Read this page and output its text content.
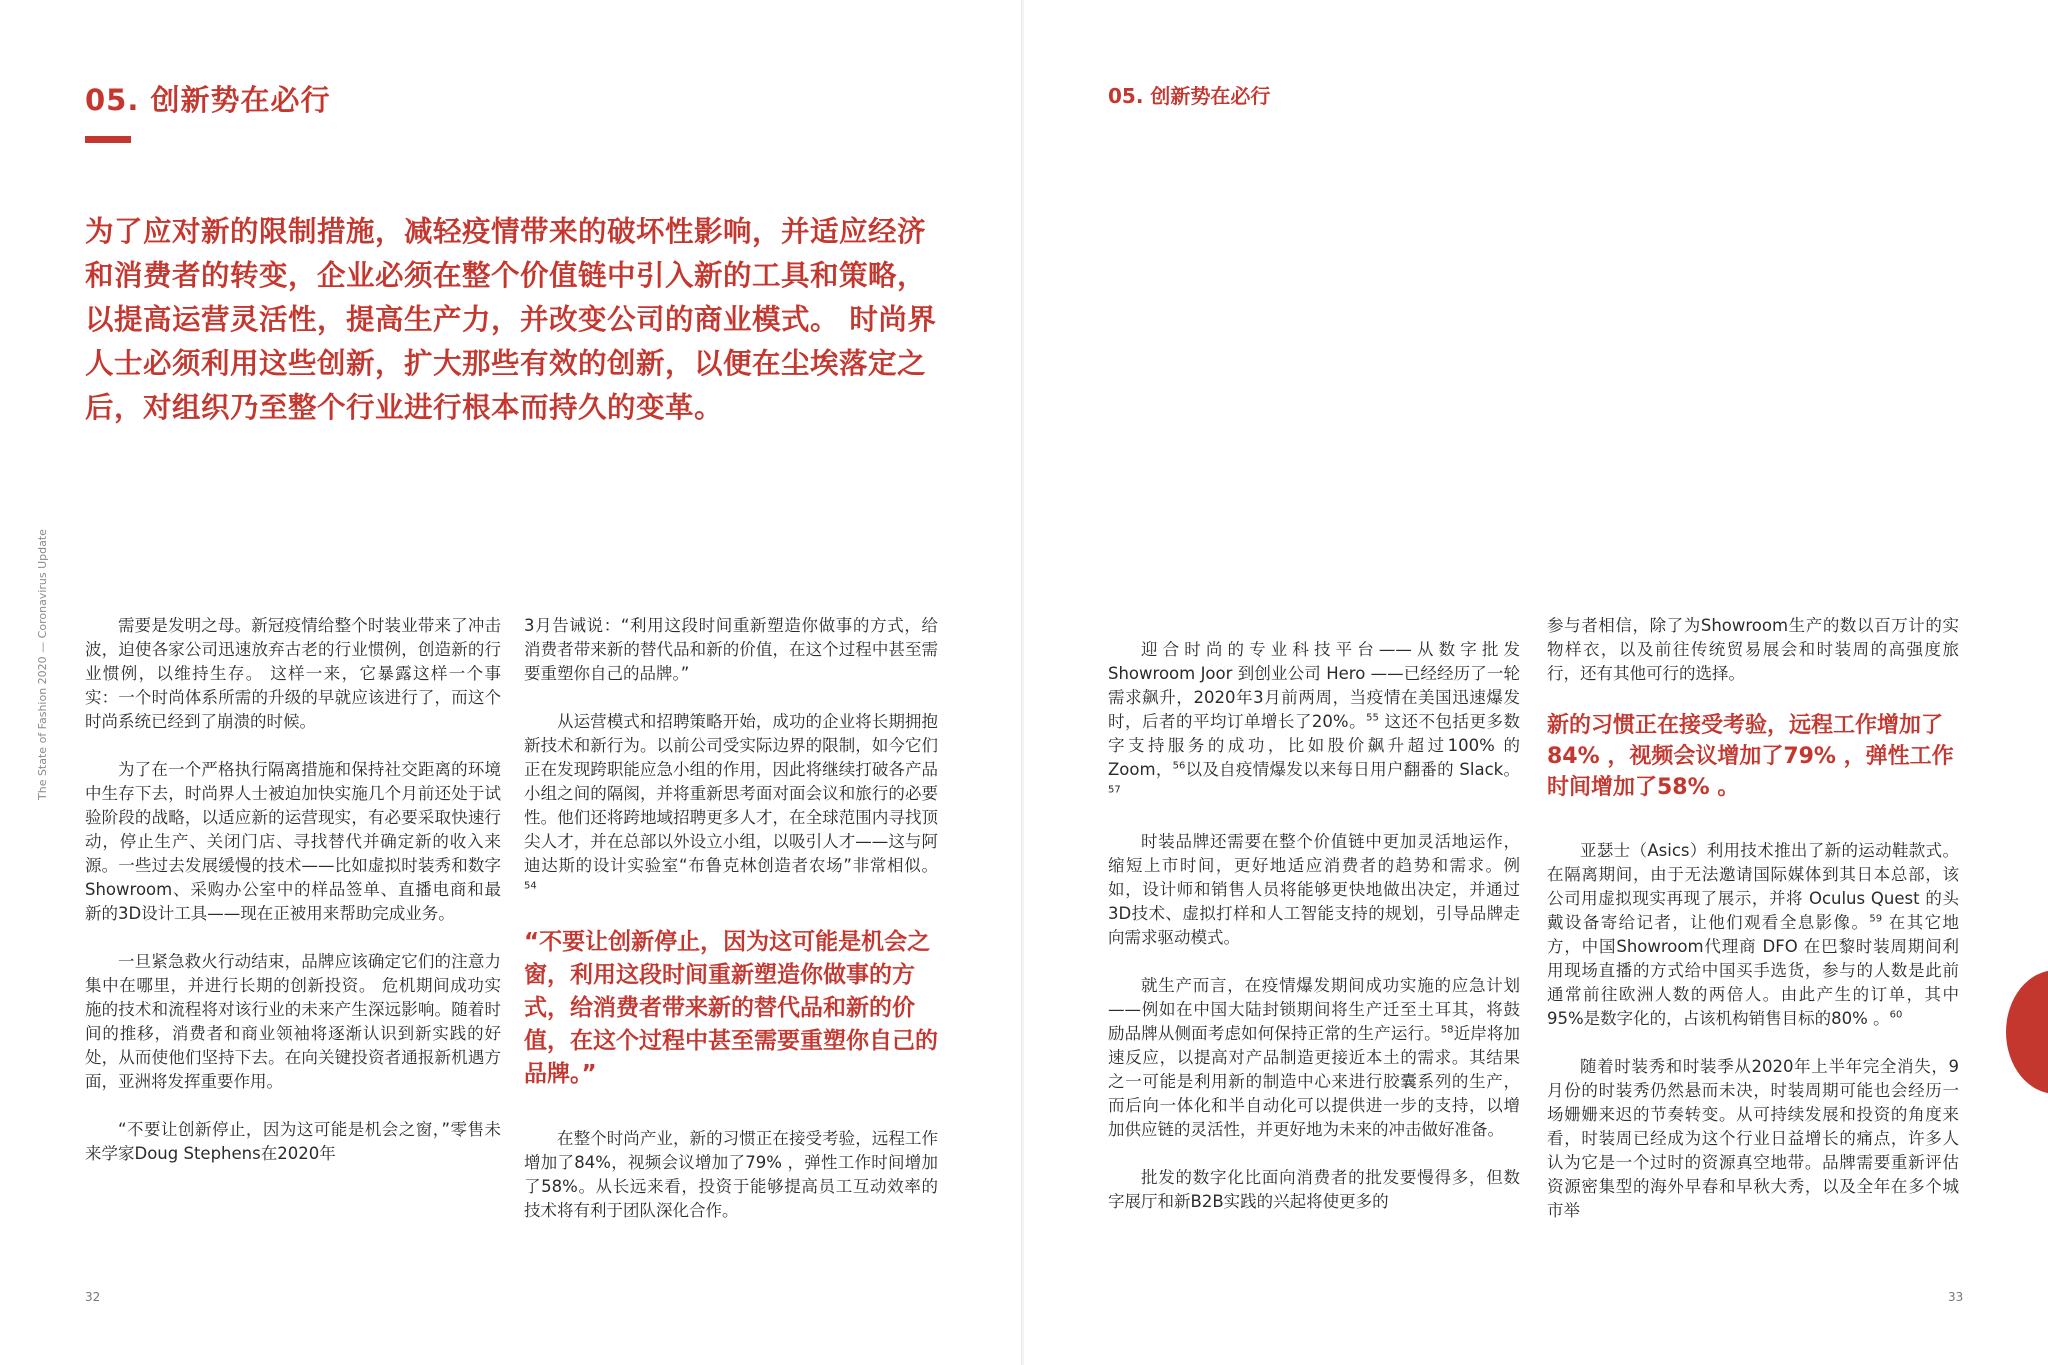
05. 创新势在必行

为了应对新的限制措施，减轻疫情带来的破坏性影响，并适应经济和消费者的转变，企业必须在整个价值链中引入新的工具和策略，以提高运营灵活性，提高生产力，并改变公司的商业模式。 时尚界人士必须利用这些创新，扩大那些有效的创新，以便在尘埃落定之后，对组织乃至整个行业进行根本而持久的变革。

The State of Fashion 2020 — Coronavirus Update	需要是发明之母。新冠疫情给整个时装业带来了冲击波，迫使各家公司迅速放弃古老的行业惯例，创造新的行业惯例，以维持生存。 这样一来，它暴露这样一个事实：一个时尚体系所需的升级的早就应该进行了，而这个时尚系统已经到了崩溃的时候。

为了在一个严格执行隔离措施和保持社交距离的环境中生存下去，时尚界人士被迫加快实施几个月前还处于试验阶段的战略，以适应新的运营现实，有必要采取快速行动，停止生产、关闭门店、寻找替代并确定新的收入来源。一些过去发展缓慢的技术——比如虚拟时装秀和数字Showroom、采购办公室中的样品签单、直播电商和最新的3D设计工具——现在正被用来帮助完成业务。

一旦紧急救火行动结束，品牌应该确定它们的注意力集中在哪里，并进行长期的创新投资。 危机期间成功实施的技术和流程将对该行业的未来产生深远影响。随着时间的推移，消费者和商业领袖将逐渐认识到新实践的好处，从而使他们坚持下去。在向关键投资者通报新机遇方面，亚洲将发挥重要作用。

“不要让创新停止，因为这可能是机会之窗，”零售未来学家Doug Stephens在2020年

3月告诫说：“利用这段时间重新塑造你做事的方式，给消费者带来新的替代品和新的价值，在这个过程中甚至需要重塑你自己的品牌。”

从运营模式和招聘策略开始，成功的企业将长期拥抱新技术和新行为。以前公司受实际边界的限制，如今它们正在发现跨职能应急小组的作用，因此将继续打破各产品小组之间的隔阂，并将重新思考面对面会议和旅行的必要性。他们还将跨地域招聘更多人才，在全球范围内寻找顶尖人才，并在总部以外设立小组，以吸引人才——这与阿迪达斯的设计实验室“布鲁克林创造者农场”非常相似。 $^{54}$

“不要让创新停止，因为这可能是机会之窗，利用这段时间重新塑造你做事的方式，给消费者带来新的替代品和新的价值，在这个过程中甚至需要重塑你自己的品牌。”

在整个时尚产业，新的习惯正在接受考验，远程工作增加了84%，视频会议增加了79% ，弹性工作时间增加了58%。从长远来看，投资于能够提高员工互动效率的技术将有利于团队深化合作。

32
05. 创新势在必行

迎合时尚的专业科技平台——从数字批发Showroom Joor 到创业公司 Hero ——已经经历了一轮需求飙升，2020年3月前两周，当疫情在美国迅速爆发时，后者的平均订单增长了20%。$^{55}$ 这还不包括更多数字支持服务的成功，比如股价飙升超过100% 的Zoom，$^{56}$以及自疫情爆发以来每日用户翻番的 Slack。$^{57}$

时装品牌还需要在整个价值链中更加灵活地运作，缩短上市时间，更好地适应消费者的趋势和需求。例如，设计师和销售人员将能够更快地做出决定，并通过3D技术、虚拟打样和人工智能支持的规划，引导品牌走向需求驱动模式。

就生产而言，在疫情爆发期间成功实施的应急计划——例如在中国大陆封锁期间将生产迁至土耳其，将鼓励品牌从侧面考虑如何保持正常的生产运行。$^{58}$近岸将加速反应，以提高对产品制造更接近本土的需求。其结果之一可能是利用新的制造中心来进行胶囊系列的生产，而后向一体化和半自动化可以提供进一步的支持，以增加供应链的灵活性，并更好地为未来的冲击做好准备。

批发的数字化比面向消费者的批发要慢得多，但数字展厅和新B2B实践的兴起将使更多的

参与者相信，除了为Showroom生产的数以百万计的实物样衣，以及前往传统贸易展会和时装周的高强度旅行，还有其他可行的选择。

新的习惯正在接受考验，远程工作增加了84% ，视频会议增加了79% ，弹性工作时间增加了58% 。

亚瑟士（Asics）利用技术推出了新的运动鞋款式。在隔离期间，由于无法邀请国际媒体到其日本总部，该公司用虚拟现实再现了展示，并将 Oculus Quest 的头戴设备寄给记者，让他们观看全息影像。$^{59}$ 在其它地方，中国Showroom代理商 DFO 在巴黎时装周期间利用现场直播的方式给中国买手选货，参与的人数是此前通常前往欧洲人数的两倍人。由此产生的订单，其中95%是数字化的，占该机构销售目标的80% 。$^{60}$

随着时装秀和时装季从2020年上半年完全消失，9月份的时装秀仍然悬而未决，时装周期可能也会经历一场姗姗来迟的节奏转变。从可持续发展和投资的角度来看，时装周已经成为这个行业日益增长的痛点，许多人认为它是一个过时的资源真空地带。品牌需要重新评估资源密集型的海外早春和早秋大秀，以及全年在多个城市举

33
